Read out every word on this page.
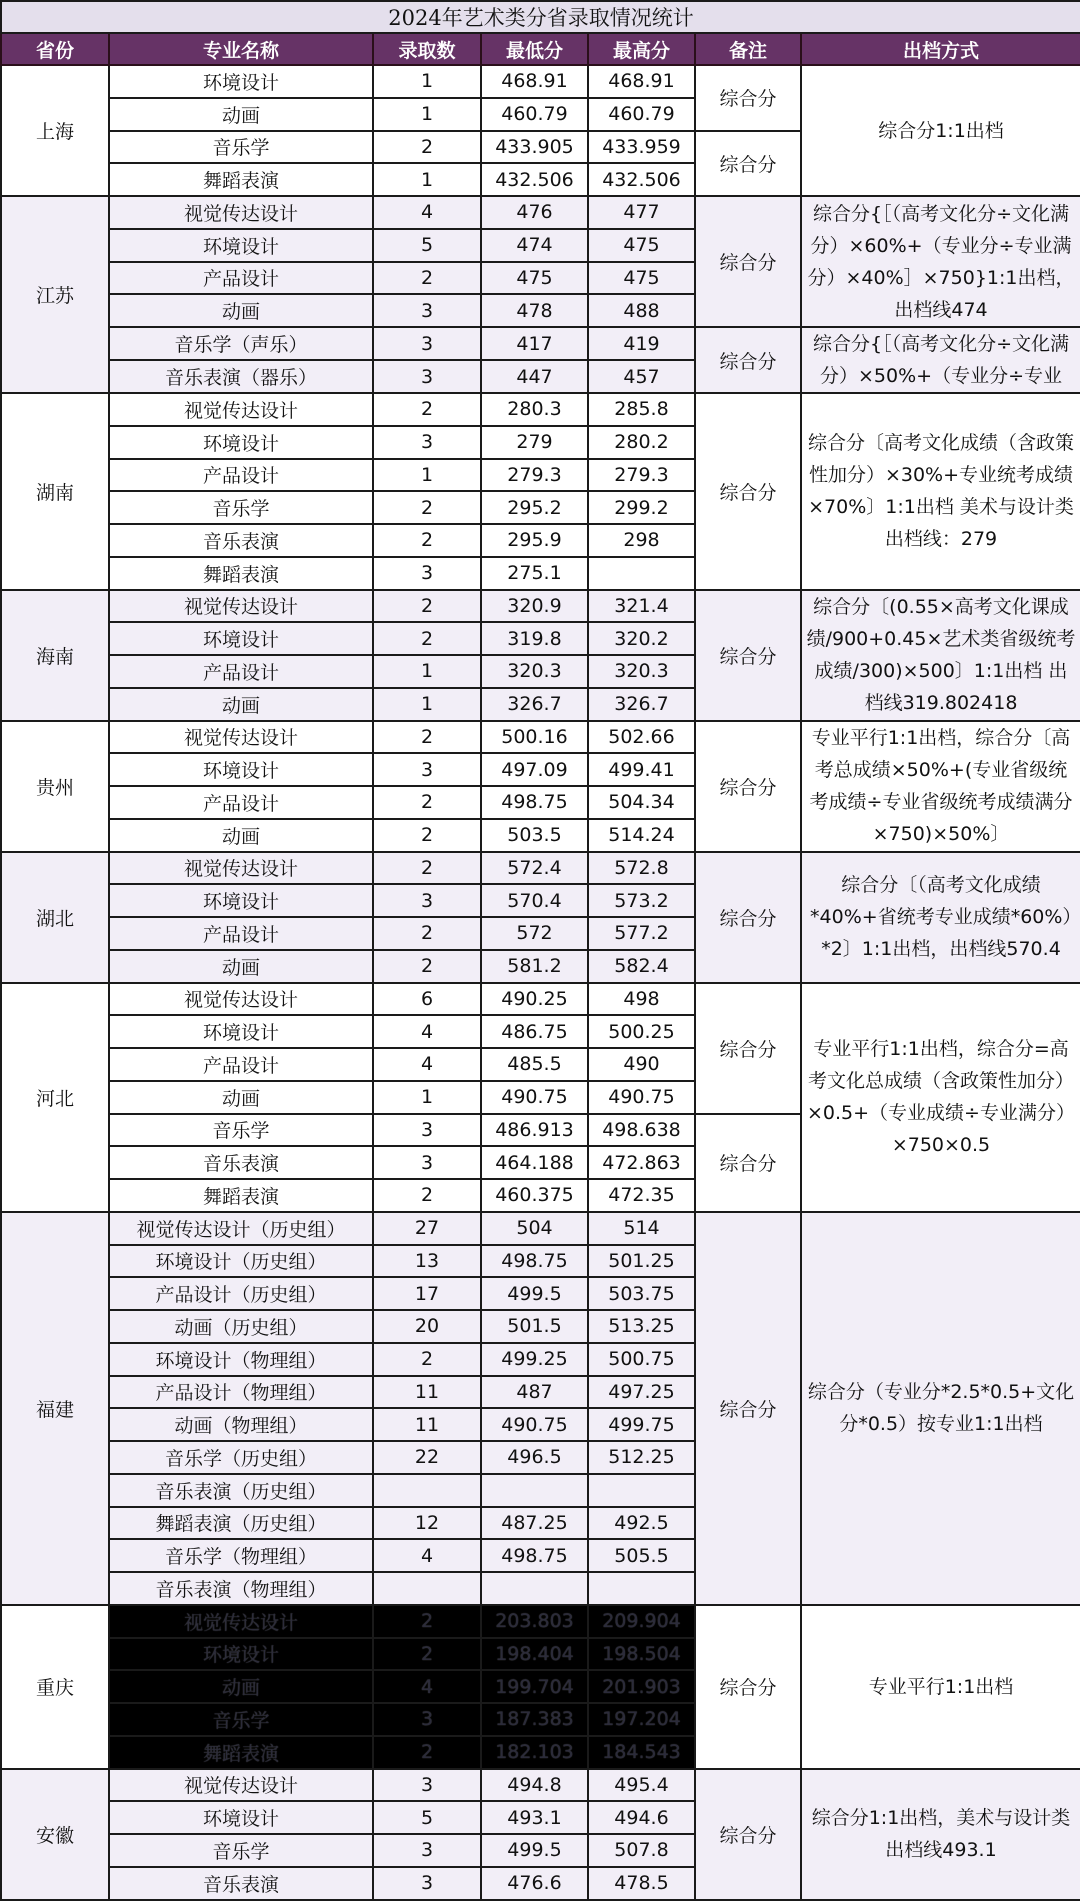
2024年艺术类分省录取情况统计						
省份	专业名称	录取数	最低分	最高分	备注	出档方式
上海	环境设计	1	468.91	468.91	综合分	综合分1:1出档
	动画	1	460.79	460.79		
	音乐学	2	433.905	433.959	综合分	
	舞蹈表演	1	432.506	432.506		
江苏	视觉传达设计	4	476	477	综合分	综合分{［（高考文化分÷文化满分）×60%+（专业分÷专业满分）×40%］×750}1:1出档，出档线474
	环境设计	5	474	475		
	产品设计	2	475	475		
	动画	3	478	488		
	音乐学（声乐）	3	417	419	综合分	综合分{［（高考文化分÷文化满分）×50%+（专业分÷专业
	音乐表演（器乐）	3	447	457		
湖南	视觉传达设计	2	280.3	285.8	综合分	综合分〔高考文化成绩（含政策性加分）×30%+专业统考成绩×70%〕1:1出档 美术与设计类出档线：279
	环境设计	3	279	280.2		
	产品设计	1	279.3	279.3		
	音乐学	2	295.2	299.2		
	音乐表演	2	295.9	298		
	舞蹈表演	3	275.1			
海南	视觉传达设计	2	320.9	321.4	综合分	综合分〔(0.55×高考文化课成绩/900+0.45×艺术类省级统考成绩/300)×500〕1:1出档 出档线319.802418
	环境设计	2	319.8	320.2		
	产品设计	1	320.3	320.3		
	动画	1	326.7	326.7		
贵州	视觉传达设计	2	500.16	502.66	综合分	专业平行1:1出档，综合分〔高考总成绩×50%+(专业省级统考成绩÷专业省级统考成绩满分×750)×50%〕
	环境设计	3	497.09	499.41		
	产品设计	2	498.75	504.34		
	动画	2	503.5	514.24		
湖北	视觉传达设计	2	572.4	572.8	综合分	综合分〔（高考文化成绩*40%+省统考专业成绩*60%）*2〕1:1出档，出档线570.4
	环境设计	3	570.4	573.2		
	产品设计	2	572	577.2		
	动画	2	581.2	582.4		
河北	视觉传达设计	6	490.25	498	综合分	专业平行1:1出档，综合分=高考文化总成绩（含政策性加分）×0.5+（专业成绩÷专业满分）×750×0.5
	环境设计	4	486.75	500.25		
	产品设计	4	485.5	490		
	动画	1	490.75	490.75		
	音乐学	3	486.913	498.638	综合分	
	音乐表演	3	464.188	472.863		
	舞蹈表演	2	460.375	472.35		
福建	视觉传达设计（历史组）	27	504	514	综合分	综合分（专业分*2.5*0.5+文化分*0.5）按专业1:1出档
	环境设计（历史组）	13	498.75	501.25		
	产品设计（历史组）	17	499.5	503.75		
	动画（历史组）	20	501.5	513.25		
	环境设计（物理组）	2	499.25	500.75		
	产品设计（物理组）	11	487	497.25		
	动画（物理组）	11	490.75	499.75		
	音乐学（历史组）	22	496.5	512.25		
	音乐表演（历史组）					
	舞蹈表演（历史组）	12	487.25	492.5		
	音乐学（物理组）	4	498.75	505.5		
	音乐表演（物理组）					
重庆	视觉传达设计	2	203.803	209.904	综合分	专业平行1:1出档
	环境设计	2	198.404	198.504		
	动画	4	199.704	201.903		
	音乐学	3	187.383	197.204		
	舞蹈表演	2	182.103	184.543		
安徽	视觉传达设计	3	494.8	495.4	综合分	综合分1:1出档，美术与设计类出档线493.1
	环境设计	5	493.1	494.6		
	音乐学	3	499.5	507.8		
	音乐表演	3	476.6	478.5		
